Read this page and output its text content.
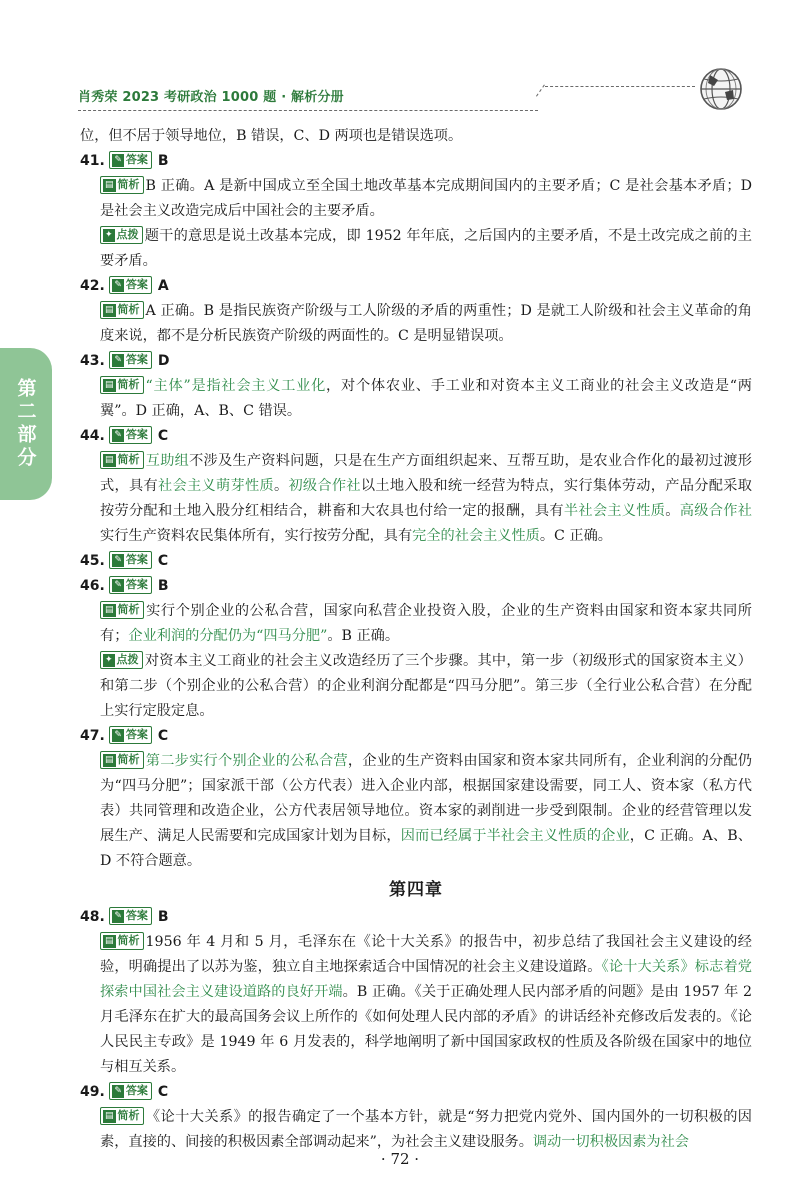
肖秀荣 2023 考研政治 1000 题 · 解析分册
第二部分

位，但不居于领导地位，B 错误，C、D 两项也是错误选项。

41. ✎ 答案 B

▤ 简析 B 正确。A 是新中国成立至全国土地改革基本完成期间国内的主要矛盾；C 是社会基本矛盾；D 是社会主义改造完成后中国社会的主要矛盾。

✦ 点拨 题干的意思是说土改基本完成，即 1952 年年底，之后国内的主要矛盾，不是土改完成之前的主要矛盾。

42. ✎ 答案 A

▤ 简析 A 正确。B 是指民族资产阶级与工人阶级的矛盾的两重性；D 是就工人阶级和社会主义革命的角度来说，都不是分析民族资产阶级的两面性的。C 是明显错误项。

43. ✎ 答案 D

▤ 简析 “主体”是指社会主义工业化，对个体农业、手工业和对资本主义工商业的社会主义改造是“两翼”。D 正确，A、B、C 错误。

44. ✎ 答案 C

▤ 简析 互助组不涉及生产资料问题，只是在生产方面组织起来、互帮互助，是农业合作化的最初过渡形式，具有社会主义萌芽性质。初级合作社以土地入股和统一经营为特点，实行集体劳动，产品分配采取按劳分配和土地入股分红相结合，耕畜和大农具也付给一定的报酬，具有半社会主义性质。高级合作社实行生产资料农民集体所有，实行按劳分配，具有完全的社会主义性质。C 正确。

45. ✎ 答案 C

46. ✎ 答案 B

▤ 简析 实行个别企业的公私合营，国家向私营企业投资入股，企业的生产资料由国家和资本家共同所有；企业利润的分配仍为“四马分肥”。B 正确。

✦ 点拨 对资本主义工商业的社会主义改造经历了三个步骤。其中，第一步（初级形式的国家资本主义）和第二步（个别企业的公私合营）的企业利润分配都是“四马分肥”。第三步（全行业公私合营）在分配上实行定股定息。

47. ✎ 答案 C

▤ 简析 第二步实行个别企业的公私合营，企业的生产资料由国家和资本家共同所有，企业利润的分配仍为“四马分肥”；国家派干部（公方代表）进入企业内部，根据国家建设需要，同工人、资本家（私方代表）共同管理和改造企业，公方代表居领导地位。资本家的剥削进一步受到限制。企业的经营管理以发展生产、满足人民需要和完成国家计划为目标，因而已经属于半社会主义性质的企业，C 正确。A、B、D 不符合题意。

第四章

48. ✎ 答案 B

▤ 简析 1956 年 4 月和 5 月，毛泽东在《论十大关系》的报告中，初步总结了我国社会主义建设的经验，明确提出了以苏为鉴，独立自主地探索适合中国情况的社会主义建设道路。《论十大关系》标志着党探索中国社会主义建设道路的良好开端。B 正确。《关于正确处理人民内部矛盾的问题》是由 1957 年 2 月毛泽东在扩大的最高国务会议上所作的《如何处理人民内部的矛盾》的讲话经补充修改后发表的。《论人民民主专政》是 1949 年 6 月发表的，科学地阐明了新中国国家政权的性质及各阶级在国家中的地位与相互关系。

49. ✎ 答案 C

▤ 简析 《论十大关系》的报告确定了一个基本方针，就是“努力把党内党外、国内国外的一切积极的因素，直接的、间接的积极因素全部调动起来”，为社会主义建设服务。调动一切积极因素为社会

· 72 ·
